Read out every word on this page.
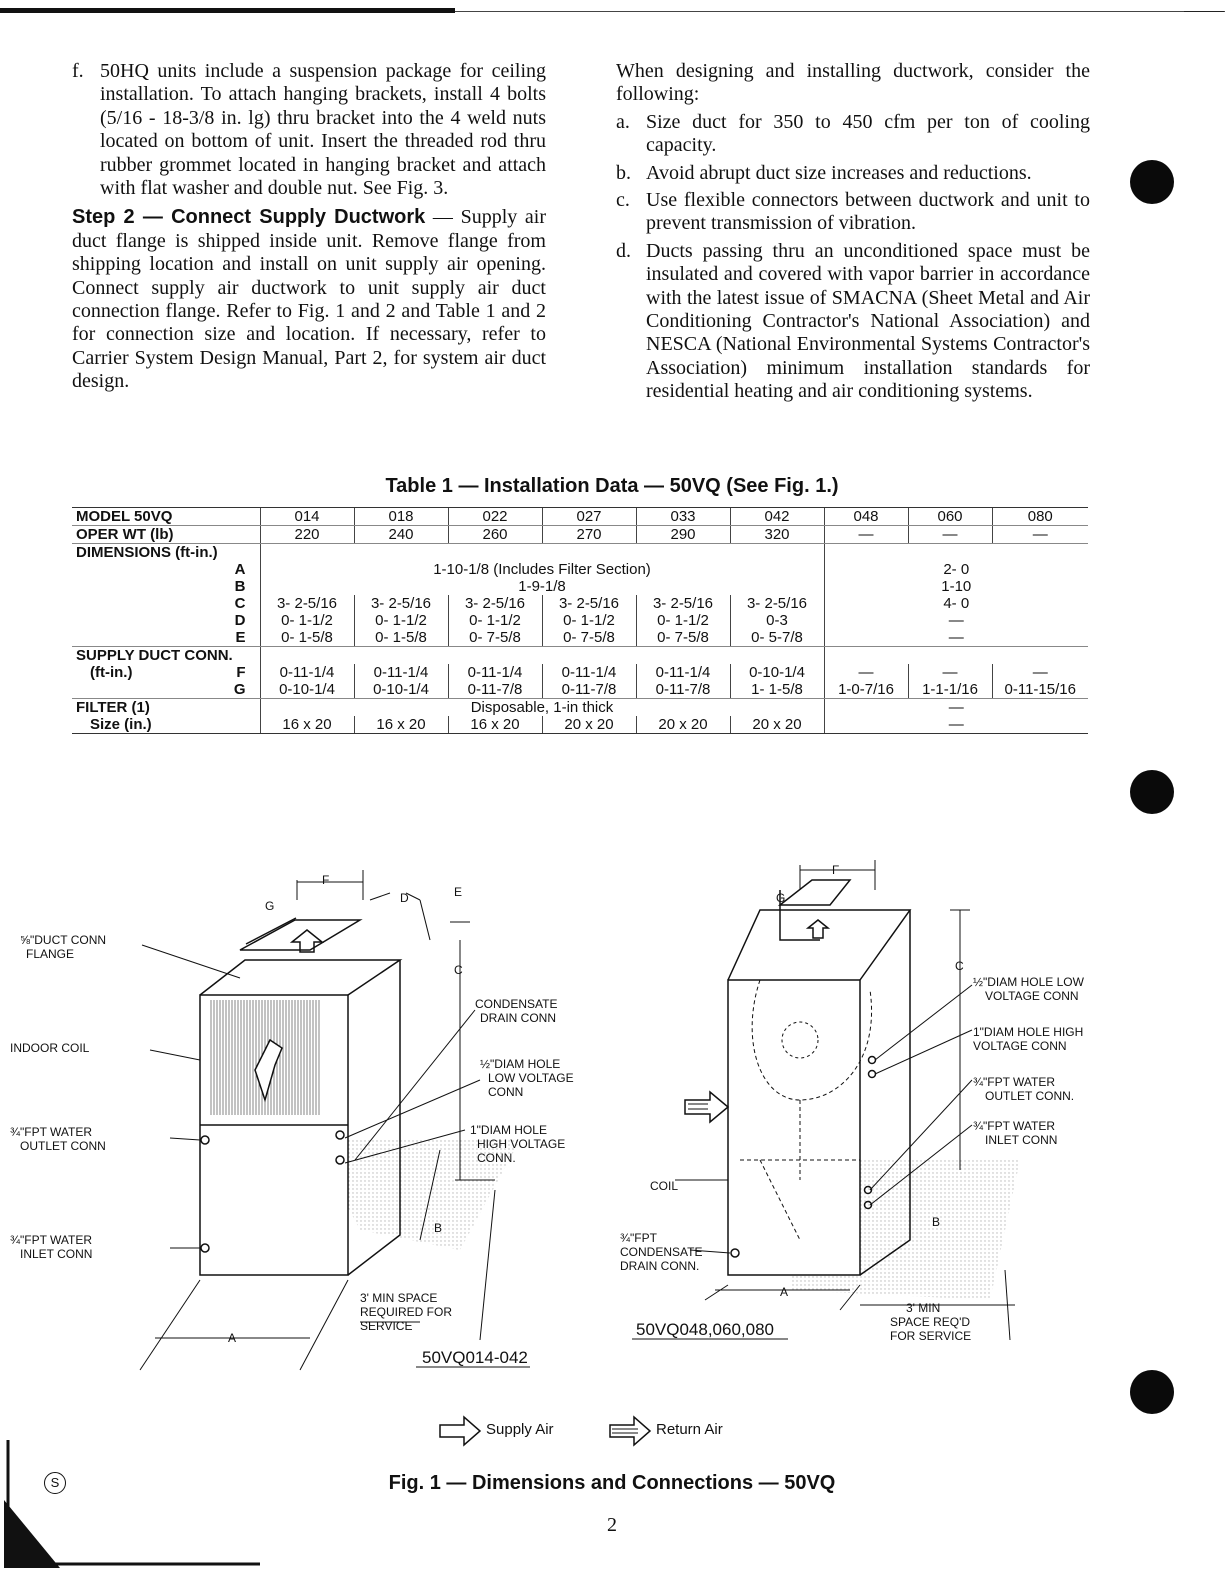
f. 50HQ units include a suspension package for ceiling installation. To attach hanging brackets, install 4 bolts (5/16 - 18-3/8 in. lg) thru bracket into the 4 weld nuts located on bottom of unit. Insert the threaded rod thru rubber grommet located in hanging bracket and attach with flat washer and double nut. See Fig. 3.

Step 2 — Connect Supply Ductwork — Supply air duct flange is shipped inside unit. Remove flange from shipping location and install on unit supply air opening. Connect supply air ductwork to unit supply air duct connection flange. Refer to Fig. 1 and 2 and Table 1 and 2 for connection size and location. If necessary, refer to Carrier System Design Manual, Part 2, for system air duct design.

When designing and installing ductwork, consider the following:

a. Size duct for 350 to 450 cfm per ton of cooling capacity.

b. Avoid abrupt duct size increases and reductions.

c. Use flexible connectors between ductwork and unit to prevent transmission of vibration.

d. Ducts passing thru an unconditioned space must be insulated and covered with vapor barrier in accordance with the latest issue of SMACNA (Sheet Metal and Air Conditioning Contractor's National Association) and NESCA (National Environmental Systems Contractor's Association) minimum installation standards for residential heating and air conditioning systems.

Table 1 — Installation Data — 50VQ (See Fig. 1.)
MODEL 50VQ	014	018	022	027	033	042	048	060	080
OPER WT (lb)	220	240	260	270	290	320	—	—	—
DIMENSIONS (ft-in.)									
A	1-10-1/8 (Includes Filter Section)						2- 0		
B	1-9-1/8						1-10		
C	3- 2-5/16	3- 2-5/16	3- 2-5/16	3- 2-5/16	3- 2-5/16	3- 2-5/16	4- 0		
D	0- 1-1/2	0- 1-1/2	0- 1-1/2	0- 1-1/2	0- 1-1/2	0-3	—		
E	0- 1-5/8	0- 1-5/8	0- 7-5/8	0- 7-5/8	0- 7-5/8	0- 5-7/8	—		
SUPPLY DUCT CONN.									
(ft-in.) F	0-11-1/4	0-11-1/4	0-11-1/4	0-11-1/4	0-11-1/4	0-10-1/4	—	—	—
G	0-10-1/4	0-10-1/4	0-11-7/8	0-11-7/8	0-11-7/8	1- 1-5/8	1-0-7/16	1-1-1/16	0-11-15/16
FILTER (1)	Disposable, 1-in thick						—		
Size (in.)	16 x 20	16 x 20	16 x 20	20 x 20	20 x 20	20 x 20	—		
⅝"DUCT CONN
FLANGE
INDOOR COIL
¾"FPT WATER
OUTLET CONN
¾"FPT WATER
INLET CONN
CONDENSATE
DRAIN CONN
½"DIAM HOLE
LOW VOLTAGE
CONN
1"DIAM HOLE
HIGH VOLTAGE
CONN.
3' MIN SPACE
REQUIRED FOR
SERVICE
F
G
D	E
C
A
B
50VQ014-042
½"DIAM HOLE LOW
VOLTAGE CONN
1"DIAM HOLE HIGH
VOLTAGE CONN
¾"FPT WATER
OUTLET CONN.
¾"FPT WATER
INLET CONN
COIL
¾"FPT
CONDENSATE
DRAIN CONN.
3' MIN
SPACE REQ'D
FOR SERVICE
F
G
C
A
B
50VQ048,060,080
Supply Air	Return Air
S	Fig. 1 — Dimensions and Connections — 50VQ
2
